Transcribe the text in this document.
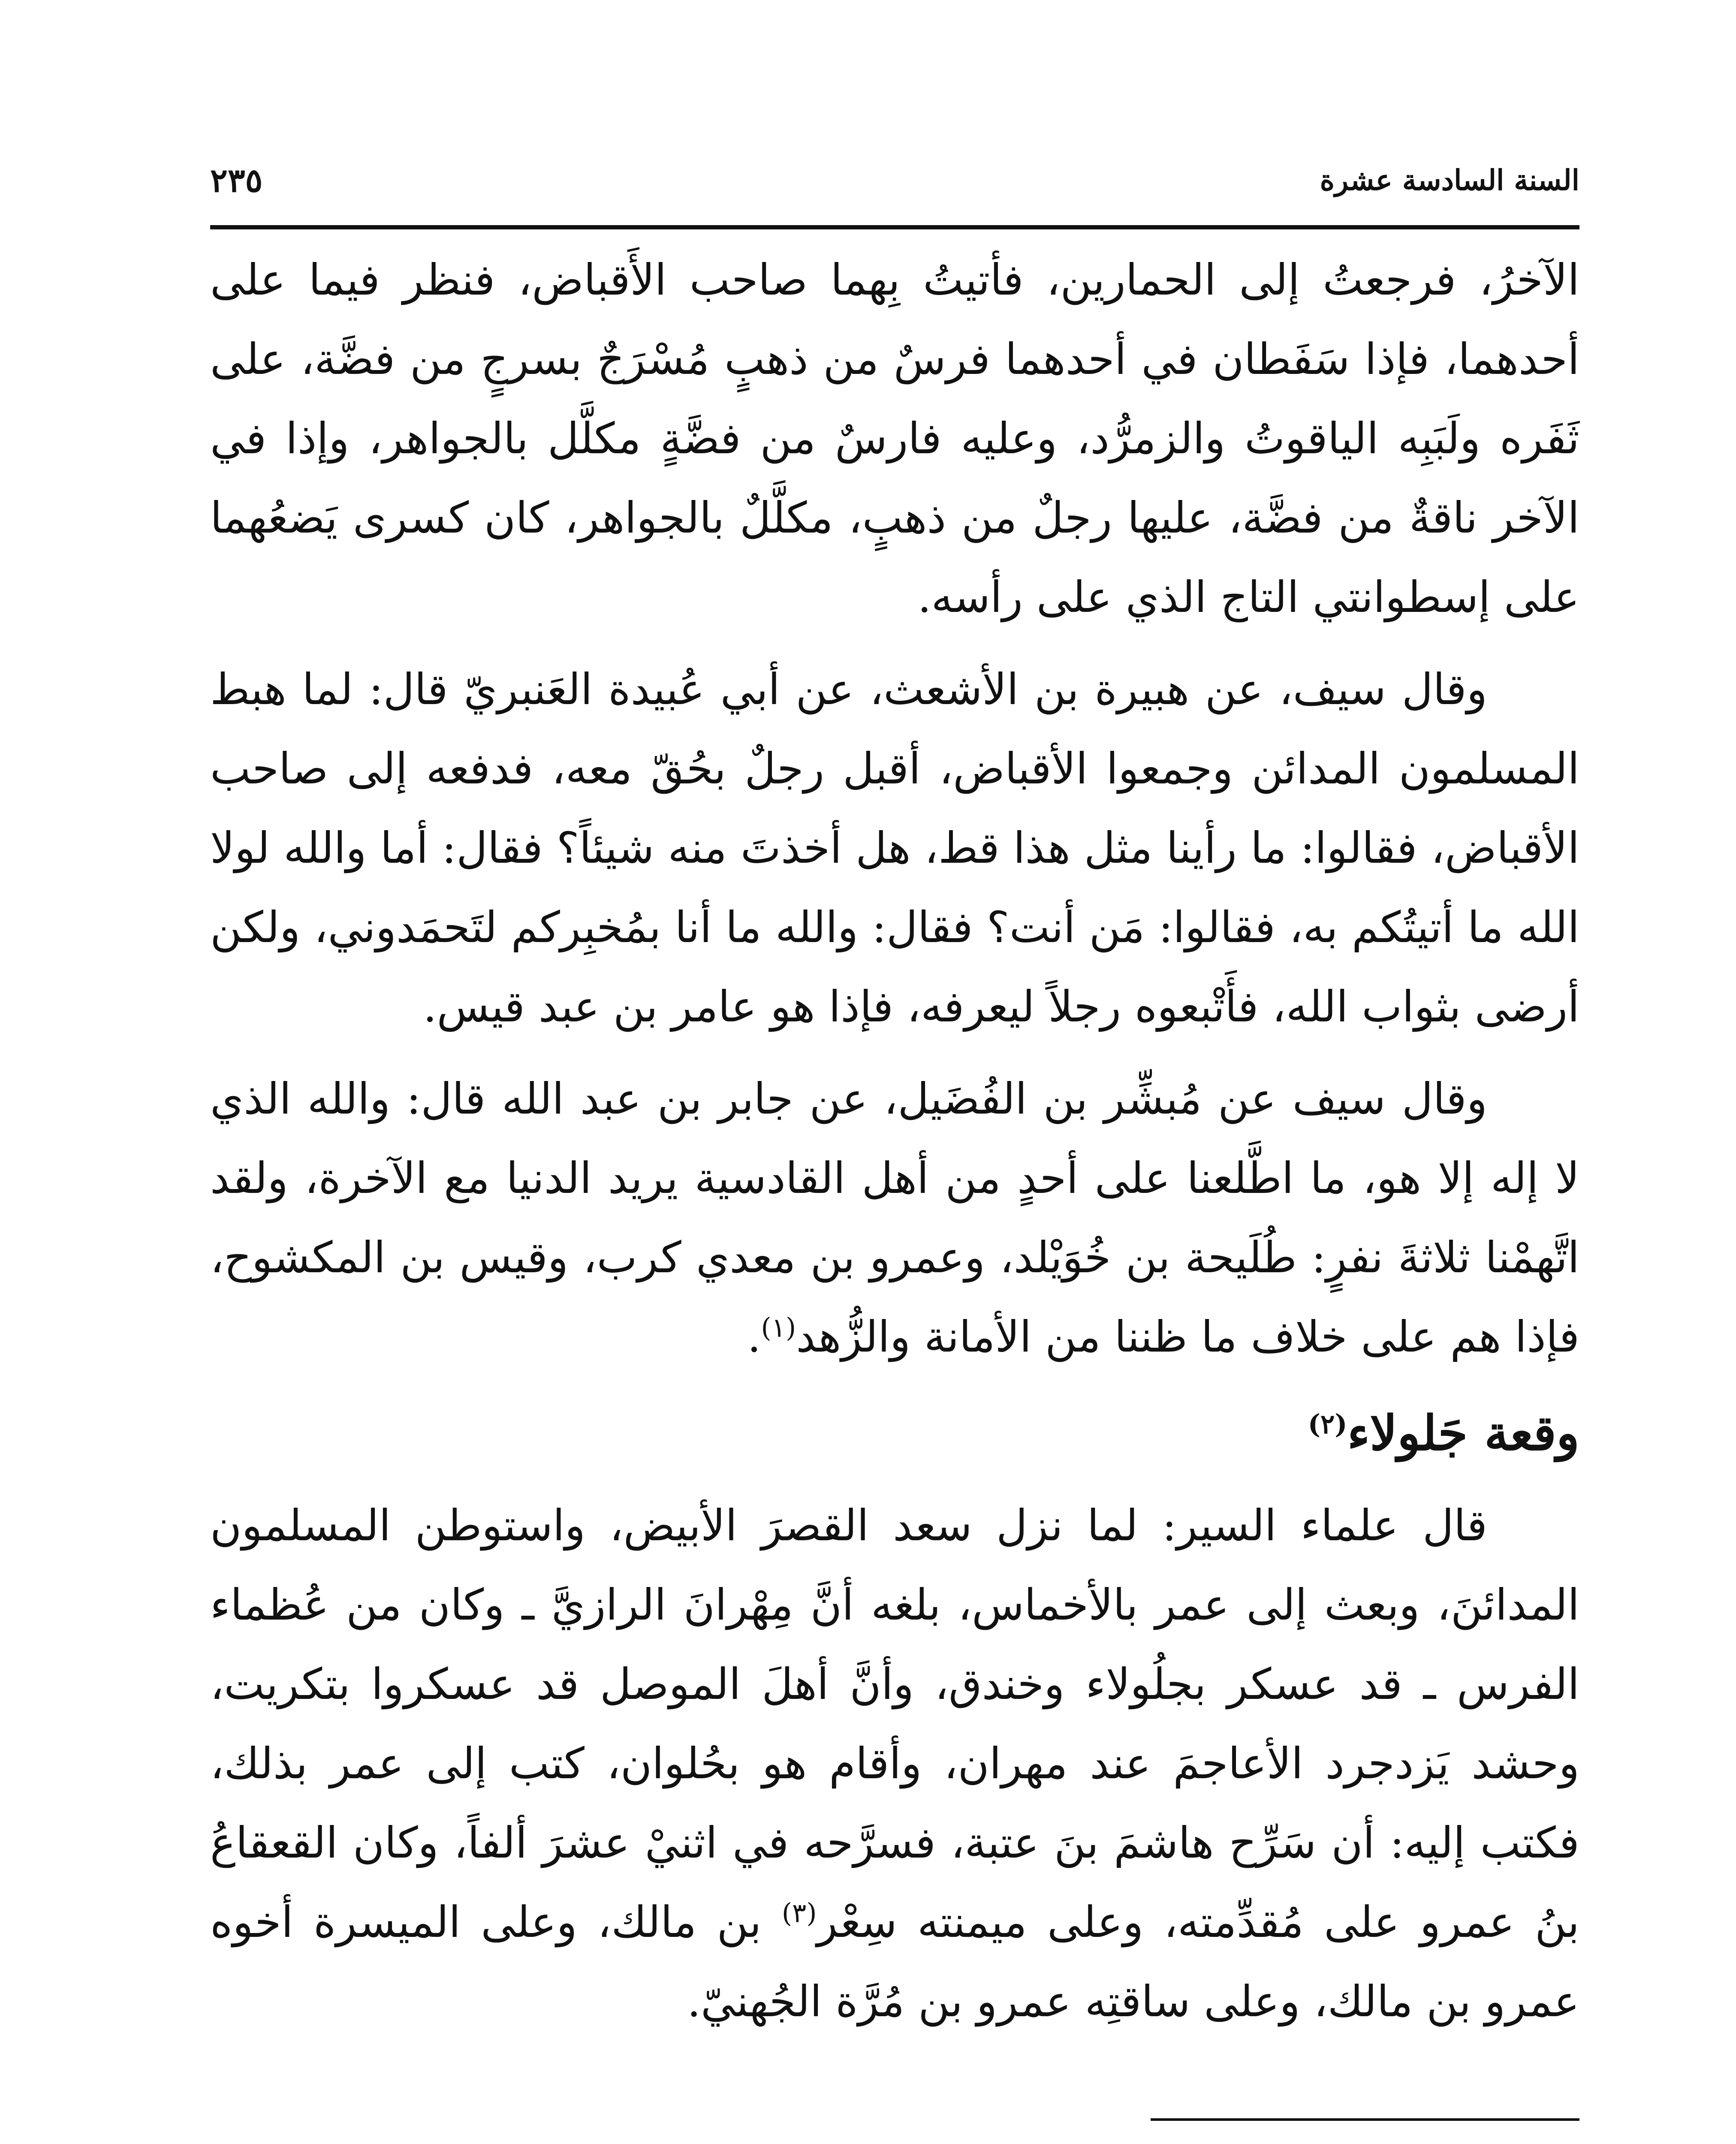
السنة السادسة عشرة
٢٣٥

الآخرُ، فرجعتُ إلى الحمارين، فأتيتُ بِهما صاحب الأَقباض، فنظر فيما على أحدهما، فإذا سَفَطان في أحدهما فرسٌ من ذهبٍ مُسْرَجٌ بسرجٍ من فضَّة، على ثَفَره ولَبَبِه الياقوتُ والزمرُّد، وعليه فارسٌ من فضَّةٍ مكلَّل بالجواهر، وإذا في الآخر ناقةٌ من فضَّة، عليها رجلٌ من ذهبٍ، مكلَّلٌ بالجواهر، كان كسرى يَضعُهما على إسطوانتي التاج الذي على رأسه.

وقال سيف، عن هبيرة بن الأشعث، عن أبي عُبيدة العَنبريّ قال: لما هبط المسلمون المدائن وجمعوا الأقباض، أقبل رجلٌ بحُقّ معه، فدفعه إلى صاحب الأقباض، فقالوا: ما رأينا مثل هذا قط، هل أخذتَ منه شيئاً؟ فقال: أما والله لولا الله ما أتيتُكم به، فقالوا: مَن أنت؟ فقال: والله ما أنا بمُخبِركم لتَحمَدوني، ولكن أرضى بثواب الله، فأَتْبعوه رجلاً ليعرفه، فإذا هو عامر بن عبد قيس.

وقال سيف عن مُبشِّر بن الفُضَيل، عن جابر بن عبد الله قال: والله الذي لا إله إلا هو، ما اطَّلعنا على أحدٍ من أهل القادسية يريد الدنيا مع الآخرة، ولقد اتَّهمْنا ثلاثةَ نفرٍ: طُلَيحة بن خُوَيْلد، وعمرو بن معدي كرب، وقيس بن المكشوح، فإذا هم على خلاف ما ظننا من الأمانة والزُّهد$^{(١)}$.

وقعة جَلولاء$^{(٢)}$

قال علماء السير: لما نزل سعد القصرَ الأبيض، واستوطن المسلمون المدائنَ، وبعث إلى عمر بالأخماس، بلغه أنَّ مِهْرانَ الرازيَّ ـ وكان من عُظماء الفرس ـ قد عسكر بجلُولاء وخندق، وأنَّ أهلَ الموصل قد عسكروا بتكريت، وحشد يَزدجرد الأعاجمَ عند مهران، وأقام هو بحُلوان، كتب إلى عمر بذلك، فكتب إليه: أن سَرِّح هاشمَ بنَ عتبة، فسرَّحه في اثنيْ عشرَ ألفاً، وكان القعقاعُ بنُ عمرو على مُقدِّمته، وعلى ميمنته سِعْر$^{(٣)}$ بن مالك، وعلى الميسرة أخوه عمرو بن مالك، وعلى ساقتِه عمرو بن مُرَّة الجُهنيّ.
